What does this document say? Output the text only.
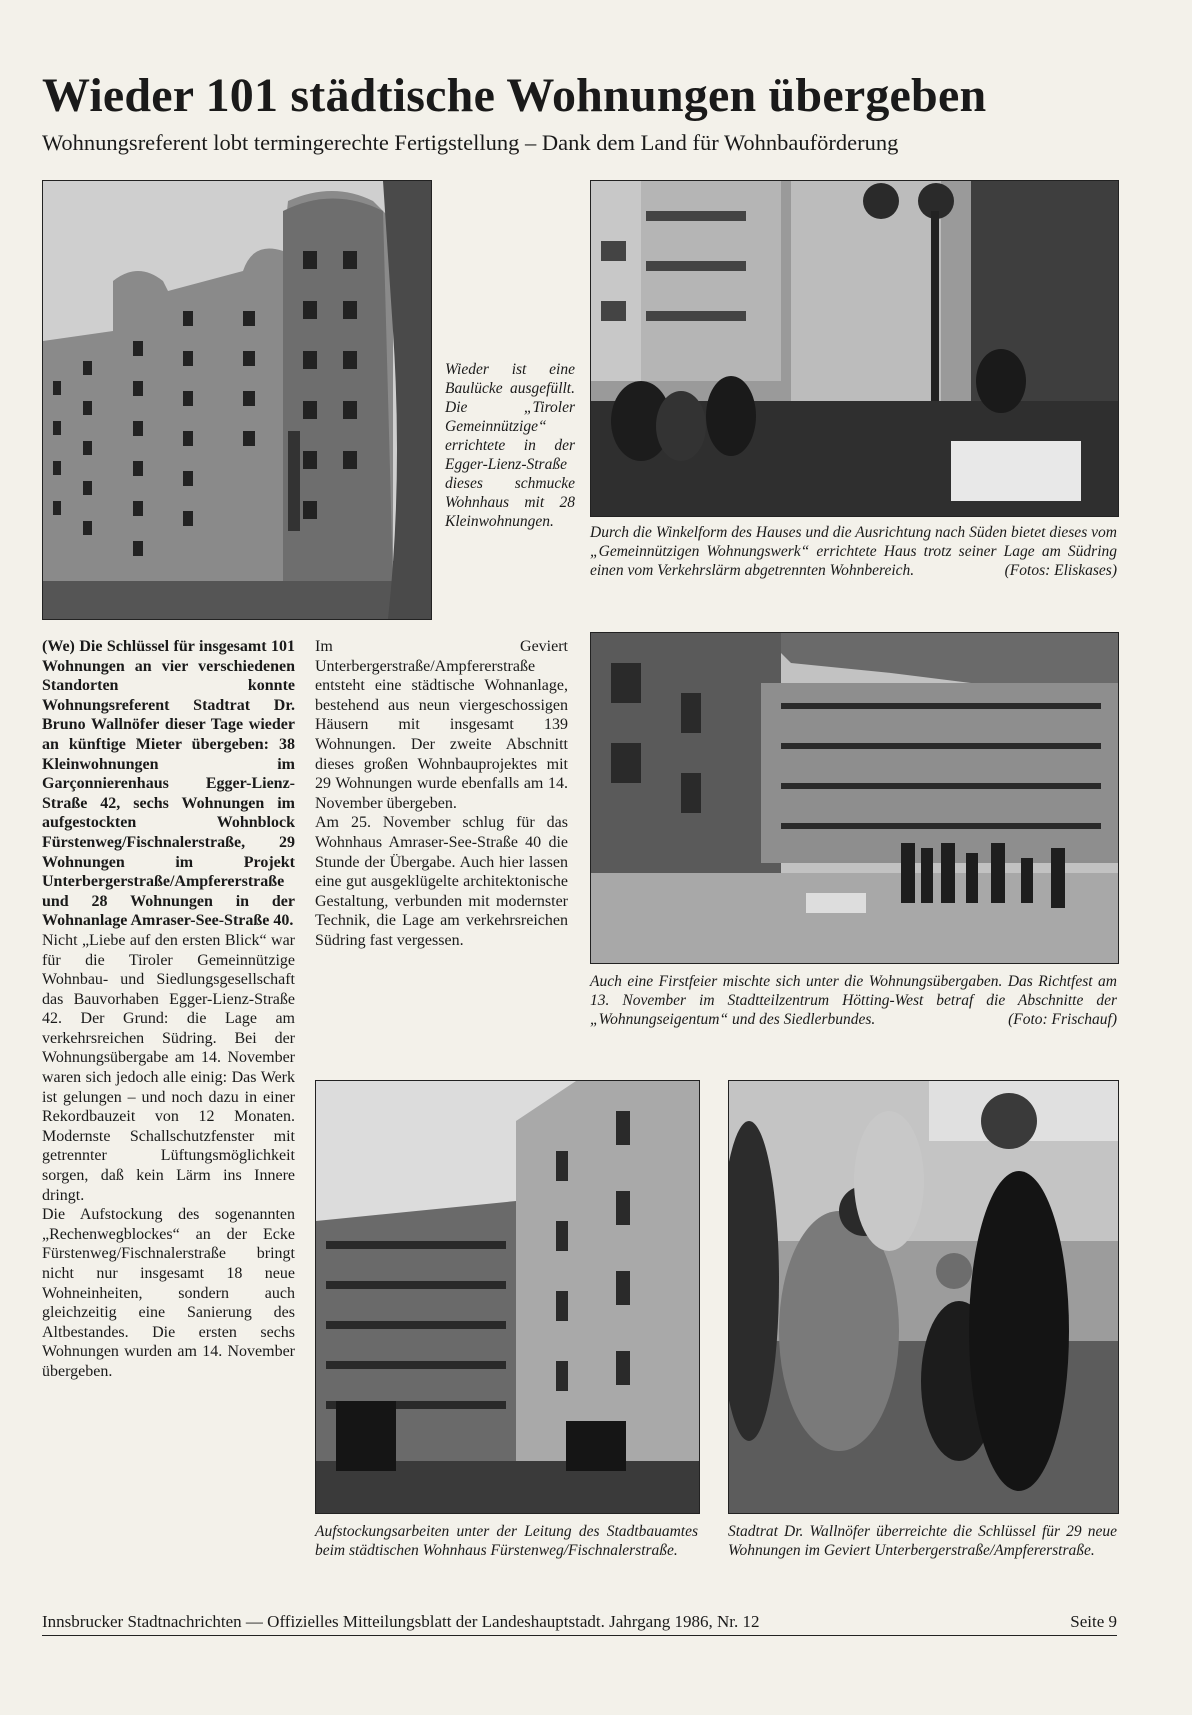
Wieder 101 städtische Wohnungen übergeben
Wohnungsreferent lobt termingerechte Fertigstellung – Dank dem Land für Wohnbauförderung
Wieder ist eine Baulücke ausgefüllt. Die „Tiroler Gemeinnützige“ errichtete in der Egger-Lienz-Straße dieses schmucke Wohnhaus mit 28 Kleinwohnungen.
Durch die Winkelform des Hauses und die Ausrichtung nach Süden bietet dieses vom „Gemeinnützigen Wohnungswerk“ errichtete Haus trotz seiner Lage am Südring einen vom Verkehrslärm abgetrennten Wohnbereich.	(Fotos: Eliskases)
Auch eine Firstfeier mischte sich unter die Wohnungsübergaben. Das Richtfest am 13. November im Stadtteilzentrum Hötting-West betraf die Abschnitte der „Wohnungseigentum“ und des Siedlerbundes.	(Foto: Frischauf)

(We) Die Schlüssel für insgesamt 101 Wohnungen an vier verschiedenen Standorten konnte Wohnungsreferent Stadtrat Dr. Bruno Wallnöfer dieser Tage wieder an künftige Mieter übergeben: 38 Kleinwohnungen im Garçonnierenhaus Egger-Lienz-Straße 42, sechs Wohnungen im aufgestockten Wohnblock Fürstenweg/Fischnalerstraße, 29 Wohnungen im Projekt Unterbergerstraße/Ampfererstraße und 28 Wohnungen in der Wohnanlage Amraser-See-Straße 40.

Nicht „Liebe auf den ersten Blick“ war für die Tiroler Gemeinnützige Wohnbau- und Siedlungsgesellschaft das Bauvorhaben Egger-Lienz-Straße 42. Der Grund: die Lage am verkehrsreichen Südring. Bei der Wohnungsübergabe am 14. November waren sich jedoch alle einig: Das Werk ist gelungen – und noch dazu in einer Rekordbauzeit von 12 Monaten. Modernste Schallschutzfenster mit getrennter Lüftungsmöglichkeit sorgen, daß kein Lärm ins Innere dringt.

Die Aufstockung des sogenannten „Rechenwegblockes“ an der Ecke Fürstenweg/Fischnalerstraße bringt nicht nur insgesamt 18 neue Wohneinheiten, sondern auch gleichzeitig eine Sanierung des Altbestandes. Die ersten sechs Wohnungen wurden am 14. November übergeben.

Im Geviert Unterbergerstraße/Ampfererstraße entsteht eine städtische Wohnanlage, bestehend aus neun viergeschossigen Häusern mit insgesamt 139 Wohnungen. Der zweite Abschnitt dieses großen Wohnbauprojektes mit 29 Wohnungen wurde ebenfalls am 14. November übergeben.

Am 25. November schlug für das Wohnhaus Amraser-See-Straße 40 die Stunde der Übergabe. Auch hier lassen eine gut ausgeklügelte architektonische Gestaltung, verbunden mit modernster Technik, die Lage am verkehrsreichen Südring fast vergessen.

Aufstockungsarbeiten unter der Leitung des Stadtbauamtes beim städtischen Wohnhaus Fürstenweg/Fischnalerstraße.
Stadtrat Dr. Wallnöfer überreichte die Schlüssel für 29 neue Wohnungen im Geviert Unterbergerstraße/Ampfererstraße.
Innsbrucker Stadtnachrichten — Offizielles Mitteilungsblatt der Landeshauptstadt. Jahrgang 1986, Nr. 12	Seite 9
